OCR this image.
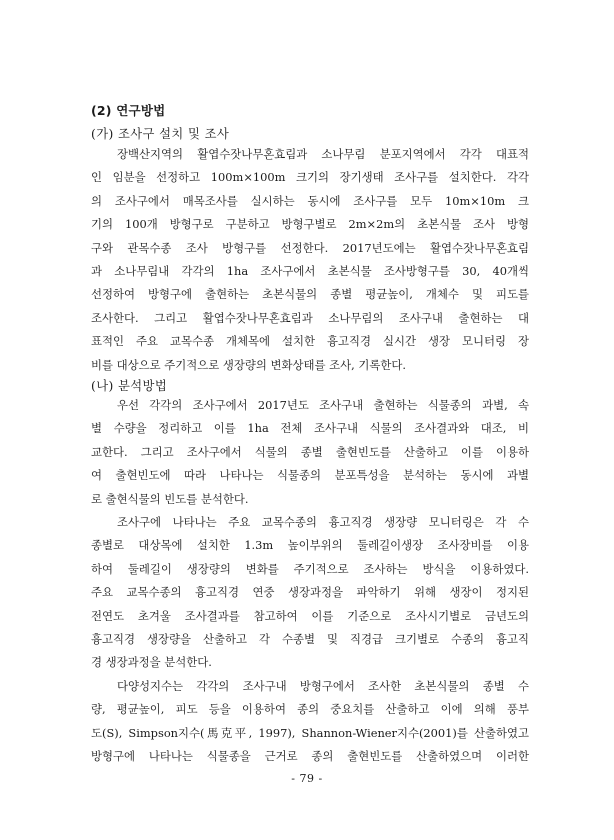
(2) 연구방법
(가) 조사구 설치 및 조사
장백산지역의 활엽수잣나무혼효림과 소나무림 분포지역에서 각각 대표적
인 임분을 선정하고 100m×100m 크기의 장기생태 조사구를 설치한다. 각각
의 조사구에서 매목조사를 실시하는 동시에 조사구를 모두 10m×10m 크
기의 100개 방형구로 구분하고 방형구별로 2m×2m의 초본식물 조사 방형
구와 관목수종 조사 방형구를 선정한다. 2017년도에는 활엽수잣나무혼효림
과 소나무림내 각각의 1ha 조사구에서 초본식물 조사방형구를 30, 40개씩
선정하여 방형구에 출현하는 초본식물의 종별 평균높이, 개체수 및 피도를
조사한다. 그리고 활엽수잣나무혼효림과 소나무림의 조사구내 출현하는 대
표적인 주요 교목수종 개체목에 설치한 흉고직경 실시간 생장 모니터링 장
비를 대상으로 주기적으로 생장량의 변화상태를 조사, 기록한다.
(나) 분석방법
우선 각각의 조사구에서 2017년도 조사구내 출현하는 식물종의 과별, 속
별 수량을 정리하고 이를 1ha 전체 조사구내 식물의 조사결과와 대조, 비
교한다. 그리고 조사구에서 식물의 종별 출현빈도를 산출하고 이를 이용하
여 출현빈도에 따라 나타나는 식물종의 분포특성을 분석하는 동시에 과별
로 출현식물의 빈도를 분석한다.
조사구에 나타나는 주요 교목수종의 흉고직경 생장량 모니터링은 각 수
종별로 대상목에 설치한 1.3m 높이부위의 둘레길이생장 조사장비를 이용
하여 둘레길이 생장량의 변화를 주기적으로 조사하는 방식을 이용하였다.
주요 교목수종의 흉고직경 연중 생장과정을 파악하기 위해 생장이 정지된
전연도 초겨울 조사결과를 참고하여 이를 기준으로 조사시기별로 금년도의
흉고직경 생장량을 산출하고 각 수종별 및 직경급 크기별로 수종의 흉고직
경 생장과정을 분석한다.
다양성지수는 각각의 조사구내 방형구에서 조사한 초본식물의 종별 수
량, 평균높이, 피도 등을 이용하여 종의 중요치를 산출하고 이에 의해 풍부
도(S), Simpson지수(馬克平, 1997), Shannon-Wiener지수(2001)를 산출하였고
방형구에 나타나는 식물종을 근거로 종의 출현빈도를 산출하였으며 이러한
- 79 -
